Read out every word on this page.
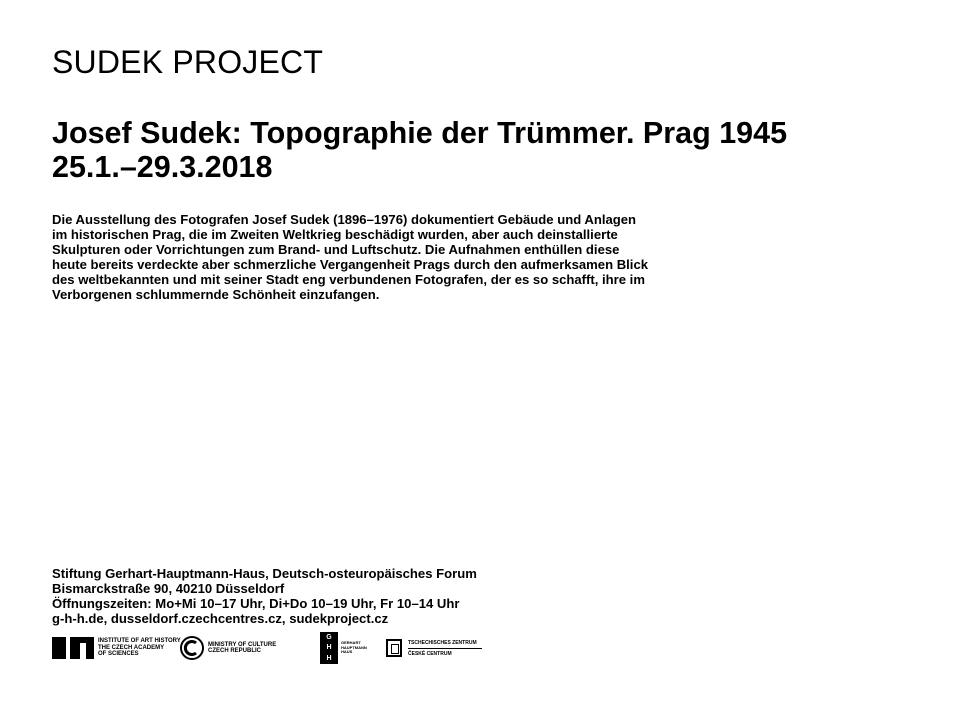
SUDEK PROJECT
Josef Sudek: Topographie der Trümmer. Prag 1945
25.1.–29.3.2018
Die Ausstellung des Fotografen Josef Sudek (1896–1976) dokumentiert Gebäude und Anlagen
im historischen Prag, die im Zweiten Weltkrieg beschädigt wurden, aber auch deinstallierte
Skulpturen oder Vorrichtungen zum Brand- und Luftschutz. Die Aufnahmen enthüllen diese
heute bereits verdeckte aber schmerzliche Vergangenheit Prags durch den aufmerksamen Blick
des weltbekannten und mit seiner Stadt eng verbundenen Fotografen, der es so schafft, ihre im
Verborgenen schlummernde Schönheit einzufangen.
Stiftung Gerhart-Hauptmann-Haus, Deutsch-osteuropäisches Forum
Bismarckstraße 90, 40210 Düsseldorf
Öffnungszeiten: Mo+Mi 10–17 Uhr, Di+Do 10–19 Uhr, Fr 10–14 Uhr
g-h-h.de, dusseldorf.czechcentres.cz, sudekproject.cz
INSTITUTE OF ART HISTORY
THE CZECH ACADEMY
OF SCIENCES
MINISTRY OF CULTURE
CZECH REPUBLIC
G
H
H
GERHART
HAUPTMANN
HAUS
TSCHECHISCHES ZENTRUM
ČESKÉ CENTRUM
